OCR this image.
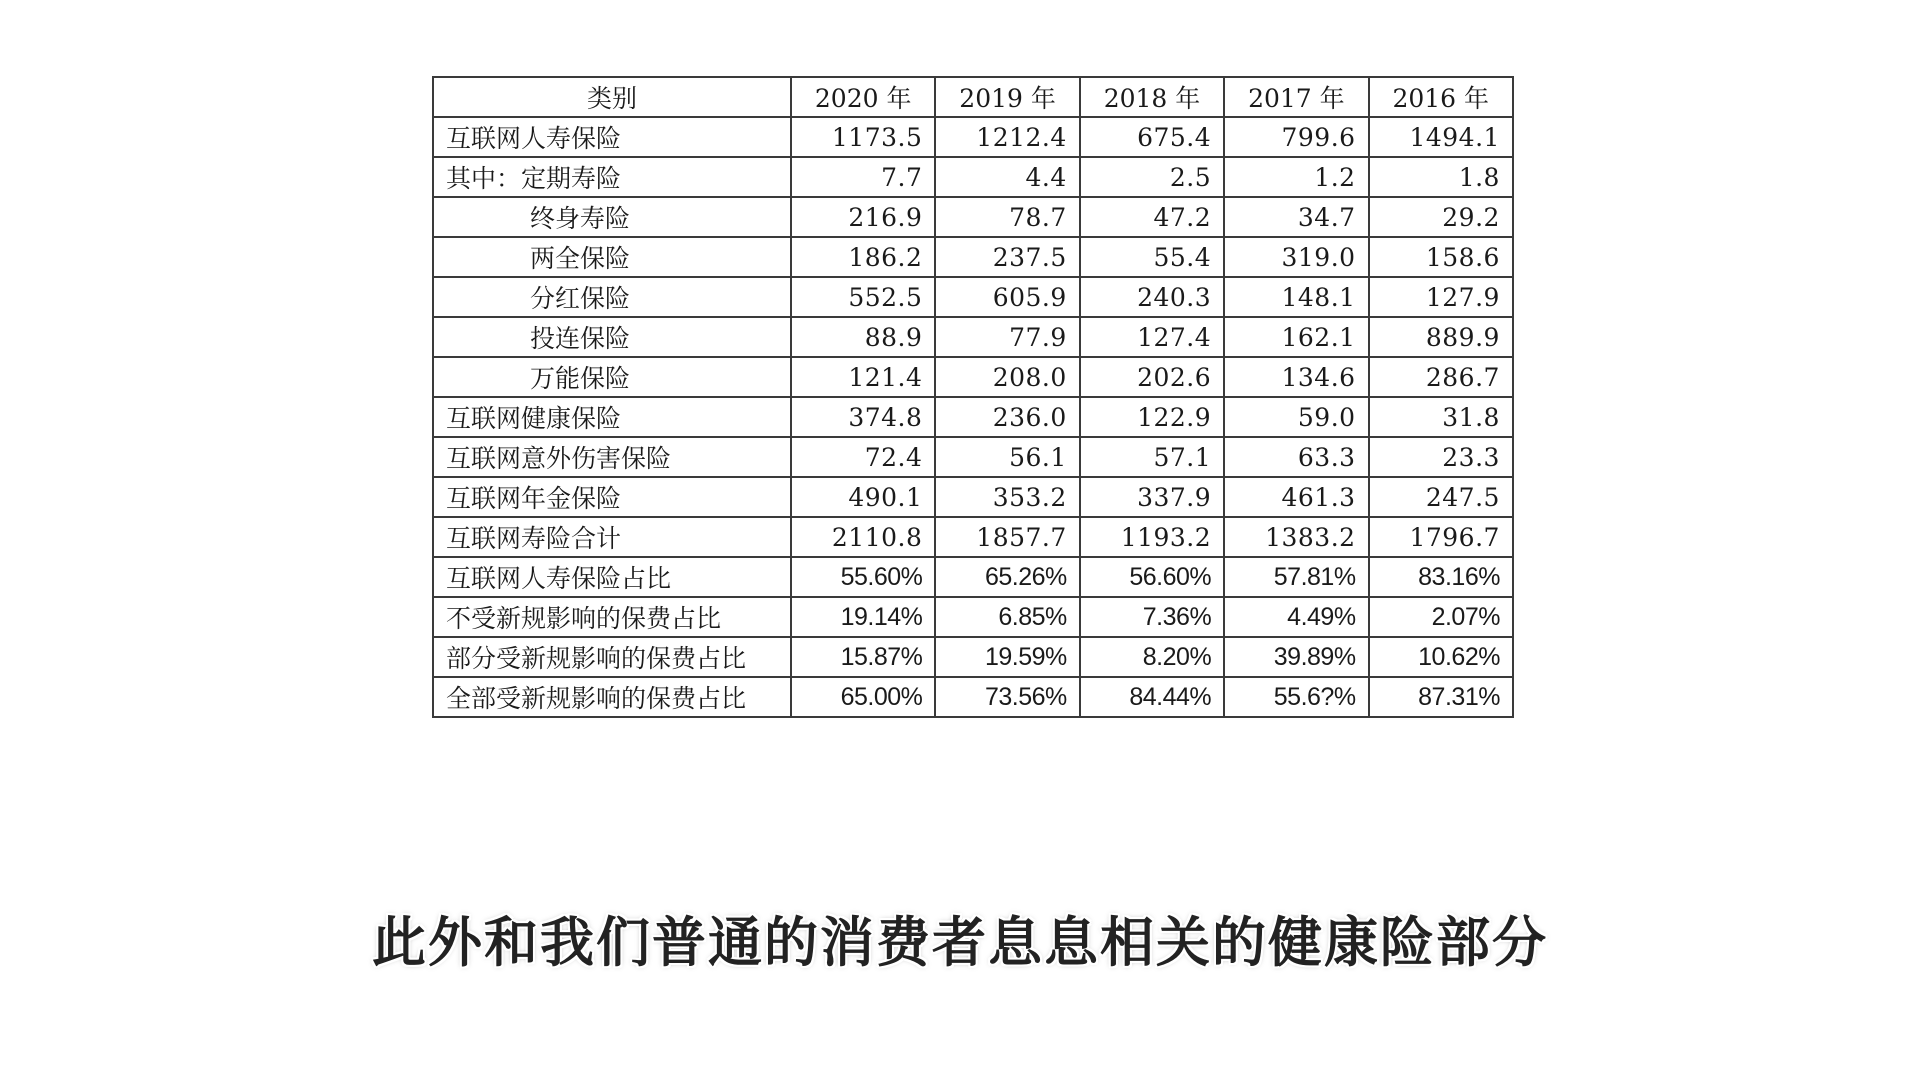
类别	2020 年	2019 年	2018 年	2017 年	2016 年
互联网人寿保险	1173.5	1212.4	675.4	799.6	1494.1
其中：定期寿险	7.7	4.4	2.5	1.2	1.8
终身寿险	216.9	78.7	47.2	34.7	29.2
两全保险	186.2	237.5	55.4	319.0	158.6
分红保险	552.5	605.9	240.3	148.1	127.9
投连保险	88.9	77.9	127.4	162.1	889.9
万能保险	121.4	208.0	202.6	134.6	286.7
互联网健康保险	374.8	236.0	122.9	59.0	31.8
互联网意外伤害保险	72.4	56.1	57.1	63.3	23.3
互联网年金保险	490.1	353.2	337.9	461.3	247.5
互联网寿险合计	2110.8	1857.7	1193.2	1383.2	1796.7
互联网人寿保险占比	55.60%	65.26%	56.60%	57.81%	83.16%
不受新规影响的保费占比	19.14%	6.85%	7.36%	4.49%	2.07%
部分受新规影响的保费占比	15.87%	19.59%	8.20%	39.89%	10.62%
全部受新规影响的保费占比	65.00%	73.56%	84.44%	55.6?%	87.31%
此外和我们普通的消费者息息相关的健康险部分
